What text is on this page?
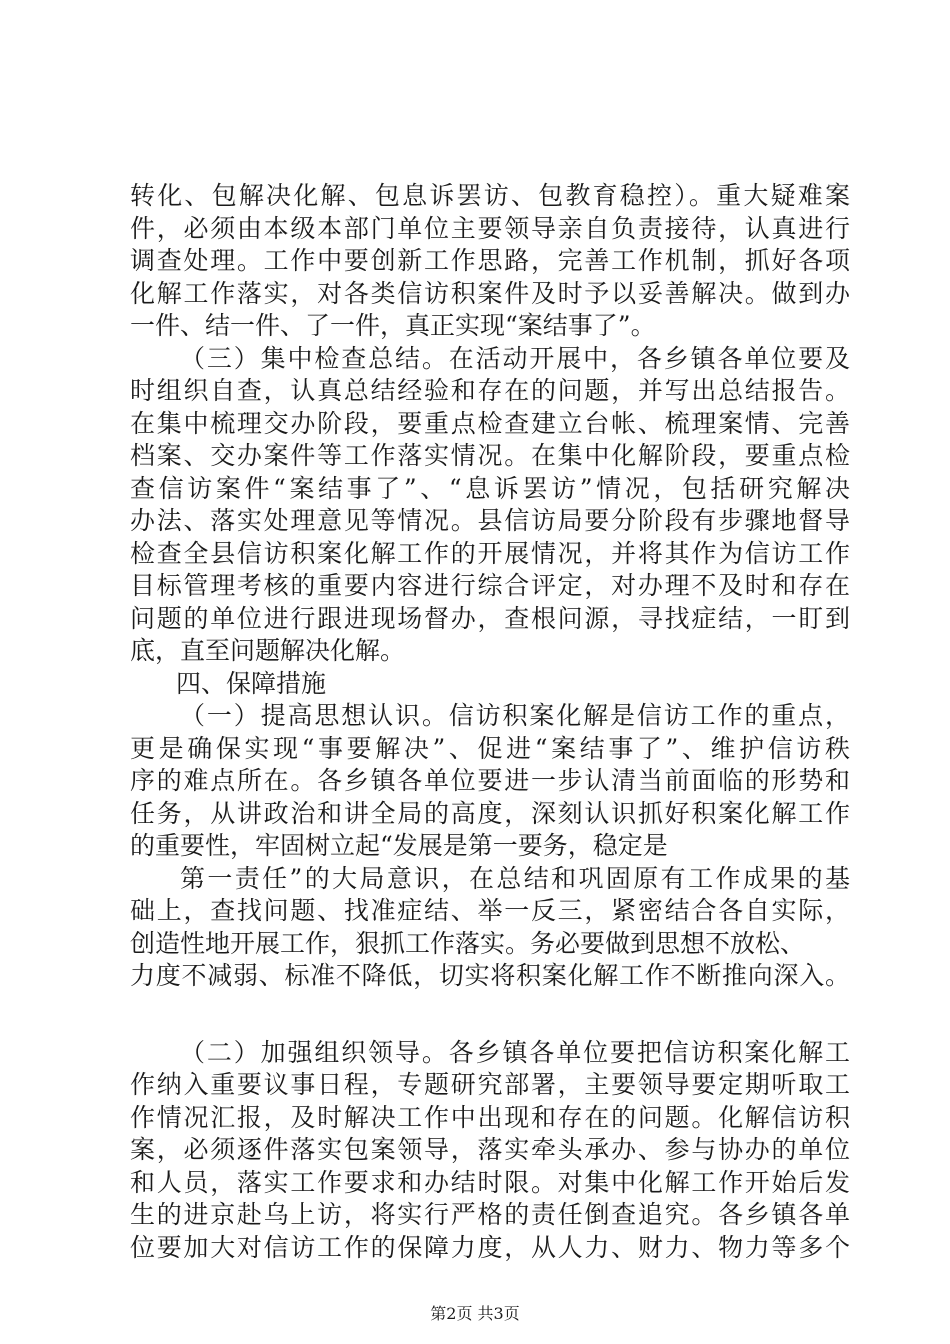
转化、包解决化解、包息诉罢访、包教育稳控）。重大疑难案
件，必须由本级本部门单位主要领导亲自负责接待，认真进行
调查处理。工作中要创新工作思路，完善工作机制，抓好各项
化解工作落实，对各类信访积案件及时予以妥善解决。做到办
一件、结一件、了一件，真正实现“案结事了”。
（三）集中检查总结。在活动开展中，各乡镇各单位要及
时组织自查，认真总结经验和存在的问题，并写出总结报告。
在集中梳理交办阶段，要重点检查建立台帐、梳理案情、完善
档案、交办案件等工作落实情况。在集中化解阶段，要重点检
查信访案件“案结事了”、“息诉罢访”情况，包括研究解决
办法、落实处理意见等情况。县信访局要分阶段有步骤地督导
检查全县信访积案化解工作的开展情况，并将其作为信访工作
目标管理考核的重要内容进行综合评定，对办理不及时和存在
问题的单位进行跟进现场督办，查根问源，寻找症结，一盯到
底，直至问题解决化解。
四、保障措施
（一）提高思想认识。信访积案化解是信访工作的重点，
更是确保实现“事要解决”、促进“案结事了”、维护信访秩
序的难点所在。各乡镇各单位要进一步认清当前面临的形势和
任务，从讲政治和讲全局的高度，深刻认识抓好积案化解工作
的重要性，牢固树立起“发展是第一要务，稳定是
第一责任”的大局意识，在总结和巩固原有工作成果的基
础上，查找问题、找准症结、举一反三，紧密结合各自实际，
创造性地开展工作，狠抓工作落实。务必要做到思想不放松、
力度不减弱、标准不降低，切实将积案化解工作不断推向深入。
（二）加强组织领导。各乡镇各单位要把信访积案化解工
作纳入重要议事日程，专题研究部署，主要领导要定期听取工
作情况汇报，及时解决工作中出现和存在的问题。化解信访积
案，必须逐件落实包案领导，落实牵头承办、参与协办的单位
和人员，落实工作要求和办结时限。对集中化解工作开始后发
生的进京赴乌上访，将实行严格的责任倒查追究。各乡镇各单
位要加大对信访工作的保障力度，从人力、财力、物力等多个
第2页 共3页
